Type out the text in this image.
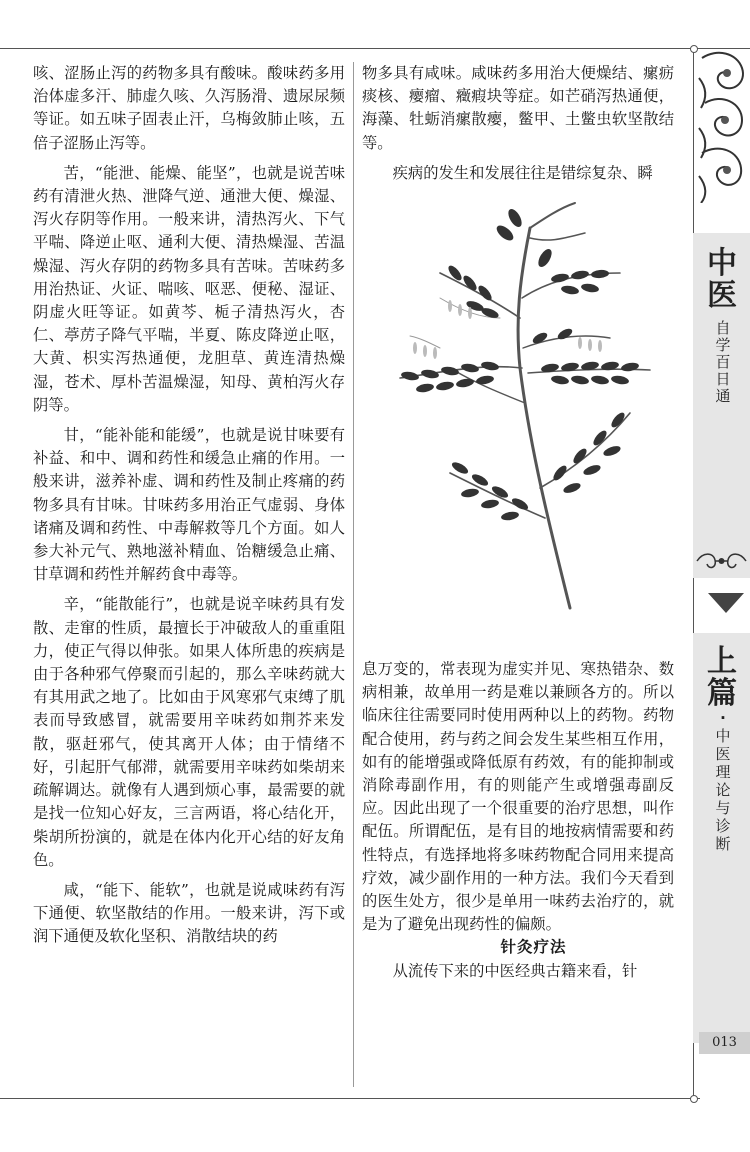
咳、涩肠止泻的药物多具有酸味。酸味药多用治体虚多汗、肺虚久咳、久泻肠滑、遗尿尿频等证。如五味子固表止汗，乌梅敛肺止咳，五倍子涩肠止泻等。

苦，“能泄、能燥、能坚”，也就是说苦味药有清泄火热、泄降气逆、通泄大便、燥湿、泻火存阴等作用。一般来讲，清热泻火、下气平喘、降逆止呕、通利大便、清热燥湿、苦温燥湿、泻火存阴的药物多具有苦味。苦味药多用治热证、火证、喘咳、呕恶、便秘、湿证、阴虚火旺等证。如黄芩、栀子清热泻火，杏仁、葶苈子降气平喘，半夏、陈皮降逆止呕，大黄、枳实泻热通便，龙胆草、黄连清热燥湿，苍术、厚朴苦温燥湿，知母、黄柏泻火存阴等。

甘，“能补能和能缓”，也就是说甘味要有补益、和中、调和药性和缓急止痛的作用。一般来讲，滋养补虚、调和药性及制止疼痛的药物多具有甘味。甘味药多用治正气虚弱、身体诸痛及调和药性、中毒解救等几个方面。如人参大补元气、熟地滋补精血、饴糖缓急止痛、甘草调和药性并解药食中毒等。

辛，“能散能行”，也就是说辛味药具有发散、走窜的性质，最擅长于冲破敌人的重重阻力，使正气得以伸张。如果人体所患的疾病是由于各种邪气停聚而引起的，那么辛味药就大有其用武之地了。比如由于风寒邪气束缚了肌表而导致感冒，就需要用辛味药如荆芥来发散，驱赶邪气，使其离开人体；由于情绪不好，引起肝气郁滞，就需要用辛味药如柴胡来疏解调达。就像有人遇到烦心事，最需要的就是找一位知心好友，三言两语，将心结化开，柴胡所扮演的，就是在体内化开心结的好友角色。

咸，“能下、能软”，也就是说咸味药有泻下通便、软坚散结的作用。一般来讲，泻下或润下通便及软化坚积、消散结块的药

物多具有咸味。咸味药多用治大便燥结、瘰疬痰核、瘿瘤、癥瘕块等症。如芒硝泻热通便，海藻、牡蛎消瘰散瘿，鳖甲、土鳖虫软坚散结等。

疾病的发生和发展往往是错综复杂、瞬

息万变的，常表现为虚实并见、寒热错杂、数病相兼，故单用一药是难以兼顾各方的。所以临床往往需要同时使用两种以上的药物。药物配合使用，药与药之间会发生某些相互作用，如有的能增强或降低原有药效，有的能抑制或消除毒副作用，有的则能产生或增强毒副反应。因此出现了一个很重要的治疗思想，叫作配伍。所谓配伍，是有目的地按病情需要和药性特点，有选择地将多味药物配合同用来提高疗效，减少副作用的一种方法。我们今天看到的医生处方，很少是单用一味药去治疗的，就是为了避免出现药性的偏颇。

针灸疗法

从流传下来的中医经典古籍来看，针

中
医
自
学
百
日
通
上
篇
·
中
医
理
论
与
诊
断
013
